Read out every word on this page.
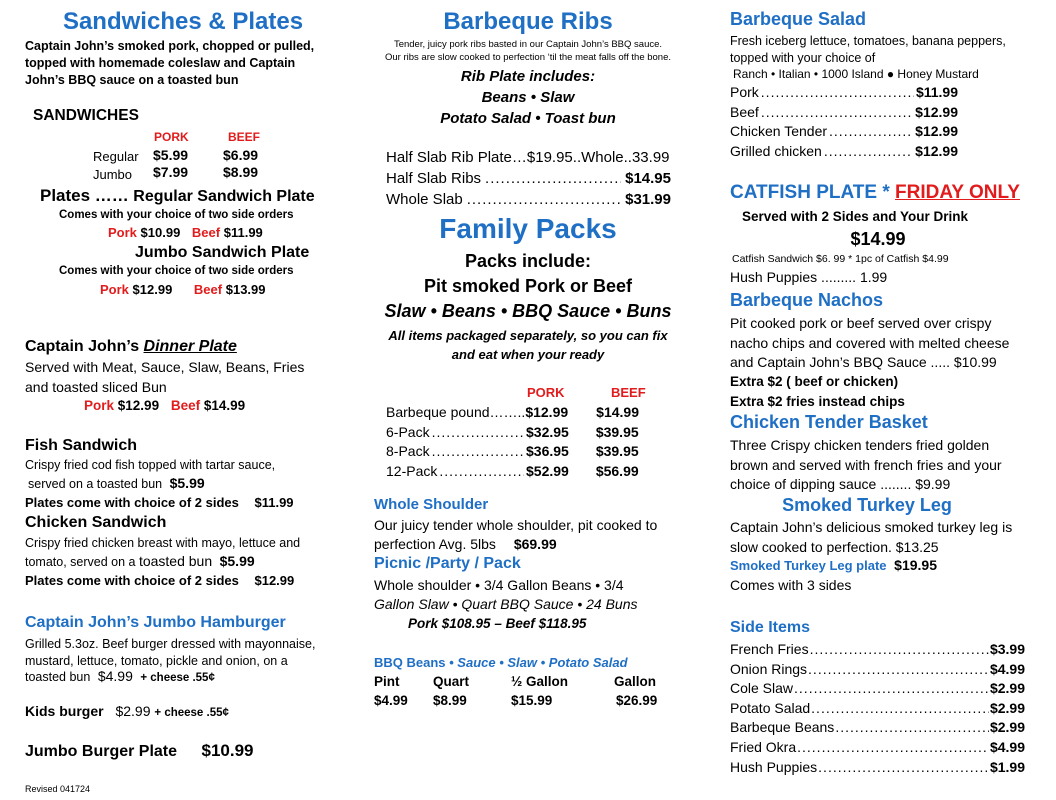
Sandwiches & Plates
Captain John’s smoked pork, chopped or pulled,
topped with homemade coleslaw and Captain
John’s BBQ sauce on a toasted bun
SANDWICHES
PORK	BEEF
Regular $5.99 $6.99
Jumbo $7.99 $8.99
Plates …… Regular Sandwich Plate
Comes with your choice of two side orders
Pork $10.99 Beef $11.99
Jumbo Sandwich Plate
Comes with your choice of two side orders
Pork $12.99 Beef $13.99
Captain John’s Dinner Plate
Served with Meat, Sauce, Slaw, Beans, Fries
and toasted sliced Bun
Pork $12.99 Beef $14.99
Fish Sandwich
Crispy fried cod fish topped with tartar sauce,
served on a toasted bun $5.99
Plates come with choice of 2 sides $11.99
Chicken Sandwich
Crispy fried chicken breast with mayo, lettuce and
tomato, served on a toasted bun $5.99
Plates come with choice of 2 sides $12.99
Captain John’s Jumbo Hamburger
Grilled 5.3oz. Beef burger dressed with mayonnaise,
mustard, lettuce, tomato, pickle and onion, on a
toasted bun $4.99 + cheese .55¢
Kids burger $2.99 + cheese .55¢
Jumbo Burger Plate $10.99
Revised 041724
Barbeque Ribs
Tender, juicy pork ribs basted in our Captain John’s BBQ sauce.
Our ribs are slow cooked to perfection ‘til the meat falls off the bone.
Rib Plate includes:
Beans • Slaw
Potato Salad • Toast bun
Half Slab Rib Plate…$19.95..Whole..33.99
Half Slab Ribs .....	$14.95
Whole Slab .....	$31.99
Family Packs
Packs include:
Pit smoked Pork or Beef
Slaw • Beans • BBQ Sauce • Buns
All items packaged separately, so you can fix
and eat when your ready
PORK	BEEF
Barbeque pound…….. $12.99 $14.99
6-Pack .....	$32.95 $39.95
8-Pack .....	$36.95 $39.95
12-Pack .....	$52.99 $56.99
Whole Shoulder
Our juicy tender whole shoulder, pit cooked to
perfection Avg. 5lbs $69.99
Picnic /Party / Pack
Whole shoulder • 3/4 Gallon Beans • 3/4
Gallon Slaw • Quart BBQ Sauce • 24 Buns
Pork $108.95 – Beef $118.95
BBQ Beans • Sauce • Slaw • Potato Salad
Pint Quart	½ Gallon	Gallon
$4.99 $8.99	$15.99	$26.99
Barbeque Salad
Fresh iceberg lettuce, tomatoes, banana peppers,
topped with your choice of
Ranch • Italian • 1000 Island ● Honey Mustard
Pork .....	$11.99
Beef .....	$12.99
Chicken Tender .....	$12.99
Grilled chicken .....	$12.99
CATFISH PLATE * FRIDAY ONLY
Served with 2 Sides and Your Drink
$14.99
Catfish Sandwich $6. 99 * 1pc of Catfish $4.99
Hush Puppies ......... 1.99
Barbeque Nachos
Pit cooked pork or beef served over crispy
nacho chips and covered with melted cheese
and Captain John’s BBQ Sauce ..... $10.99
Extra $2 ( beef or chicken)
Extra $2 fries instead chips
Chicken Tender Basket
Three Crispy chicken tenders fried golden
brown and served with french fries and your
choice of dipping sauce ........ $9.99
Smoked Turkey Leg
Captain John’s delicious smoked turkey leg is
slow cooked to perfection. $13.25
Smoked Turkey Leg plate $19.95
Comes with 3 sides
Side Items
French Fries .....	$3.99
Onion Rings .....	$4.99
Cole Slaw .....	$2.99
Potato Salad .....	$2.99
Barbeque Beans .....	$2.99
Fried Okra .....	$4.99
Hush Puppies .....	$1.99
